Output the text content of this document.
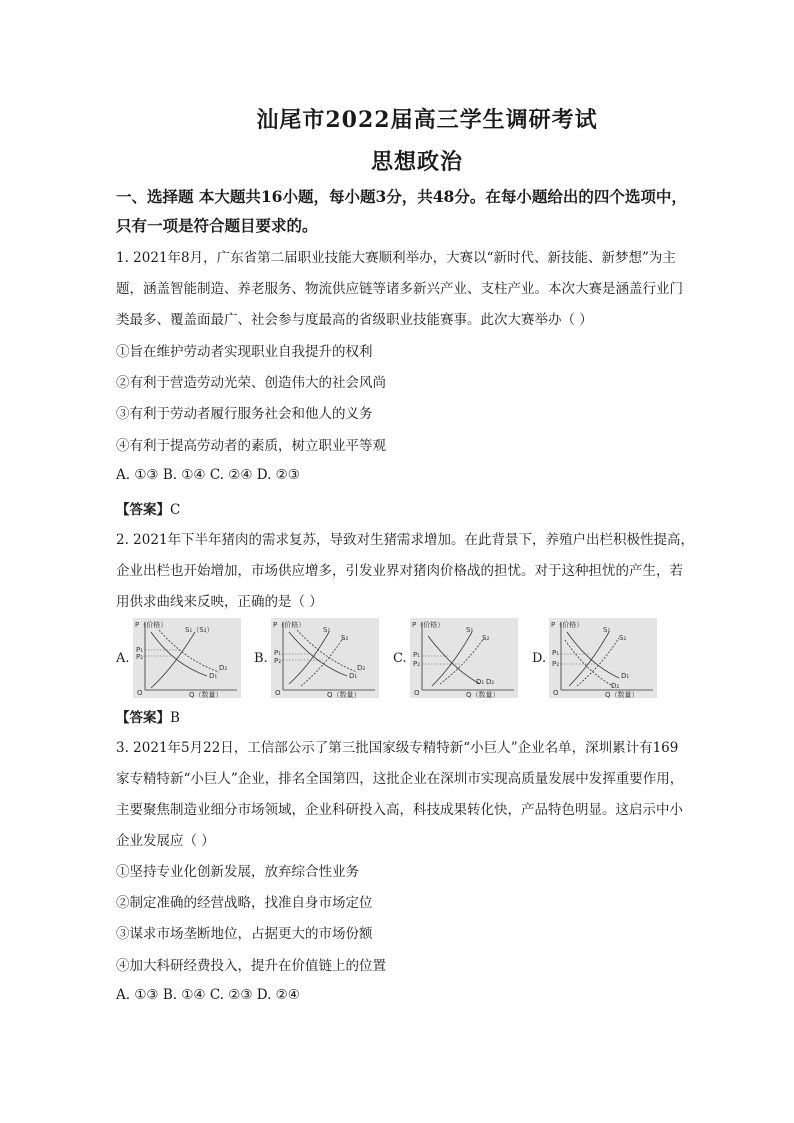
汕尾市2022届高三学生调研考试
思想政治
一、选择题 本大题共16小题，每小题3分，共48分。在每小题给出的四个选项中，
只有一项是符合题目要求的。
1. 2021年8月，广东省第二届职业技能大赛顺利举办，大赛以“新时代、新技能、新梦想”为主
题，涵盖智能制造、养老服务、物流供应链等诸多新兴产业、支柱产业。本次大赛是涵盖行业门
类最多、覆盖面最广、社会参与度最高的省级职业技能赛事。此次大赛举办（ ）
①旨在维护劳动者实现职业自我提升的权利
②有利于营造劳动光荣、创造伟大的社会风尚
③有利于劳动者履行服务社会和他人的义务
④有利于提高劳动者的素质，树立职业平等观
A. ①③ B. ①④ C. ②④ D. ②③
【答案】C
2. 2021年下半年猪肉的需求复苏，导致对生猪需求增加。在此背景下，养殖户出栏积极性提高，
企业出栏也开始增加，市场供应增多，引发业界对猪肉价格战的担忧。对于这种担忧的产生，若
用供求曲线来反映，正确的是（ ）
A.
P（价格）
Q（数量）
O
S₁（S₂）
D₁
D₂
P₁
P₂	B.
P（价格）
Q（数量）
O
S₁
S₂
D₁
D₂
P₁
P₂	C.
P（价格）
Q（数量）
O
S₁
S₂
D₁ D₂
P₁
P₂	D.
P（价格）
Q（数量）
O
S₁
S₂
D₁
D₂
P₁
P₂
【答案】B
3. 2021年5月22日，工信部公示了第三批国家级专精特新“小巨人”企业名单，深圳累计有169
家专精特新“小巨人”企业，排名全国第四，这批企业在深圳市实现高质量发展中发挥重要作用，
主要聚焦制造业细分市场领域，企业科研投入高，科技成果转化快，产品特色明显。这启示中小
企业发展应（ ）
①坚持专业化创新发展，放弃综合性业务
②制定准确的经营战略，找准自身市场定位
③谋求市场垄断地位，占据更大的市场份额
④加大科研经费投入，提升在价值链上的位置
A. ①③ B. ①④ C. ②③ D. ②④
